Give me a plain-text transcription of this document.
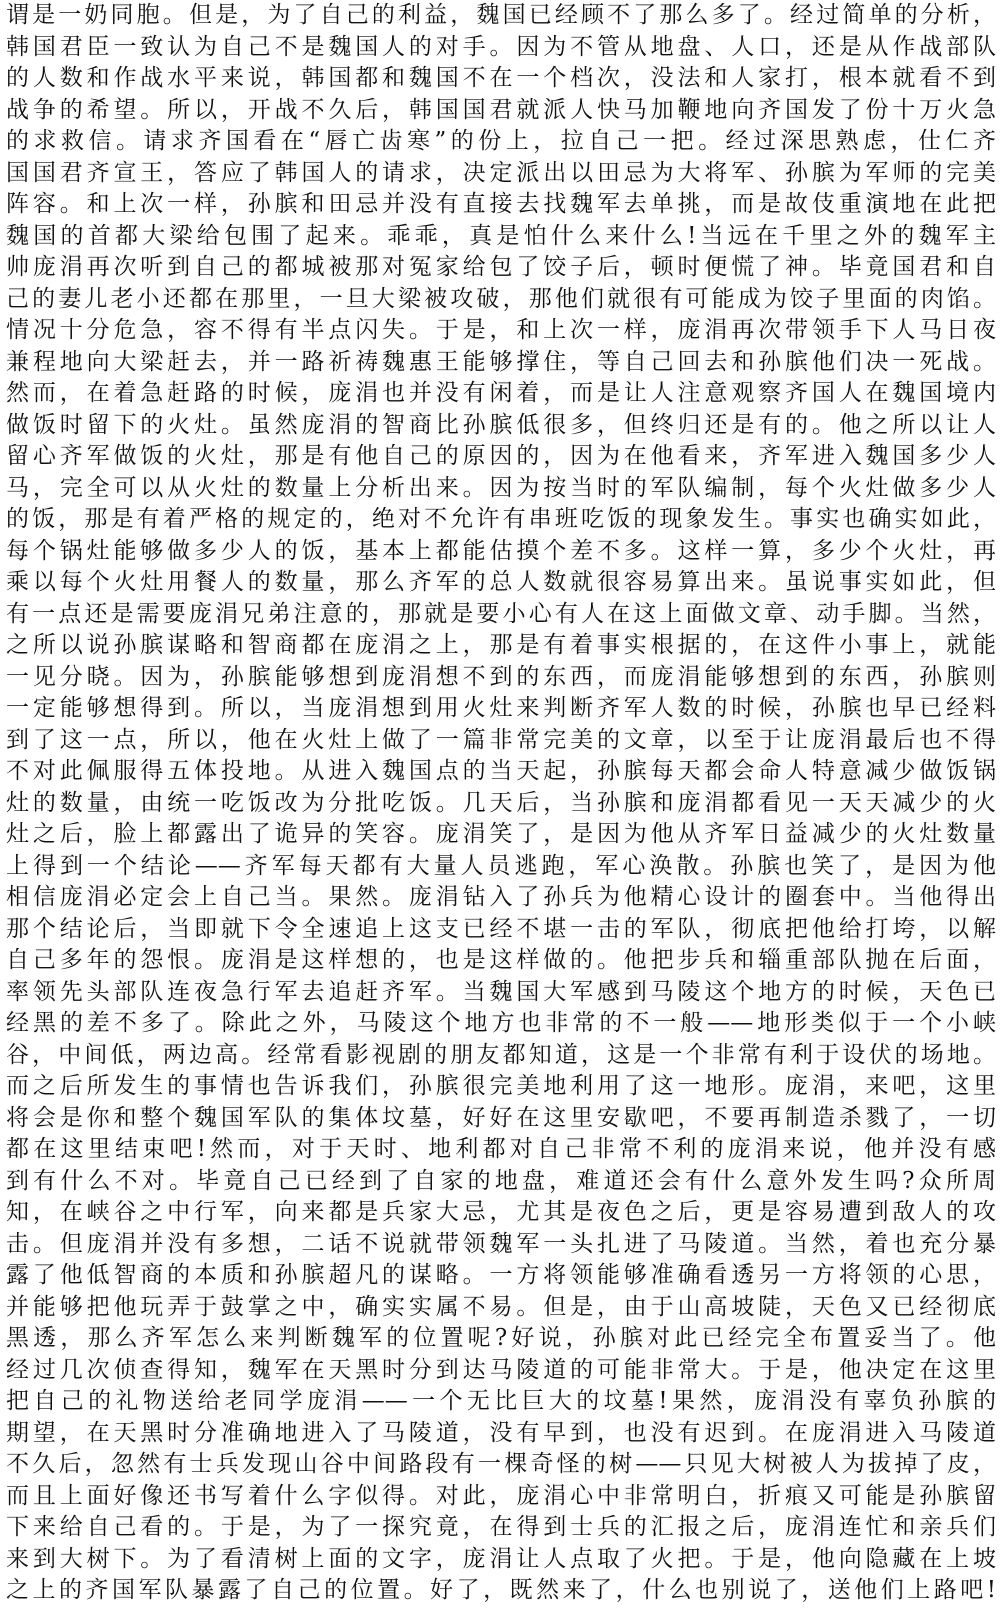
谓是一奶同胞。但是，为了自己的利益，魏国已经顾不了那么多了。经过简单的分析，
韩国君臣一致认为自己不是魏国人的对手。因为不管从地盘、人口，还是从作战部队
的人数和作战水平来说，韩国都和魏国不在一个档次，没法和人家打，根本就看不到
战争的希望。所以，开战不久后，韩国国君就派人快马加鞭地向齐国发了份十万火急
的求救信。请求齐国看在“唇亡齿寒”的份上，拉自己一把。经过深思熟虑，仕仁齐
国国君齐宣王，答应了韩国人的请求，决定派出以田忌为大将军、孙膑为军师的完美
阵容。和上次一样，孙膑和田忌并没有直接去找魏军去单挑，而是故伎重演地在此把
魏国的首都大梁给包围了起来。乖乖，真是怕什么来什么!当远在千里之外的魏军主
帅庞涓再次听到自己的都城被那对冤家给包了饺子后，顿时便慌了神。毕竟国君和自
己的妻儿老小还都在那里，一旦大梁被攻破，那他们就很有可能成为饺子里面的肉馅。
情况十分危急，容不得有半点闪失。于是，和上次一样，庞涓再次带领手下人马日夜
兼程地向大梁赶去，并一路祈祷魏惠王能够撑住，等自己回去和孙膑他们决一死战。
然而，在着急赶路的时候，庞涓也并没有闲着，而是让人注意观察齐国人在魏国境内
做饭时留下的火灶。虽然庞涓的智商比孙膑低很多，但终归还是有的。他之所以让人
留心齐军做饭的火灶，那是有他自己的原因的，因为在他看来，齐军进入魏国多少人
马，完全可以从火灶的数量上分析出来。因为按当时的军队编制，每个火灶做多少人
的饭，那是有着严格的规定的，绝对不允许有串班吃饭的现象发生。事实也确实如此，
每个锅灶能够做多少人的饭，基本上都能估摸个差不多。这样一算，多少个火灶，再
乘以每个火灶用餐人的数量，那么齐军的总人数就很容易算出来。虽说事实如此，但
有一点还是需要庞涓兄弟注意的，那就是要小心有人在这上面做文章、动手脚。当然，
之所以说孙膑谋略和智商都在庞涓之上，那是有着事实根据的，在这件小事上，就能
一见分晓。因为，孙膑能够想到庞涓想不到的东西，而庞涓能够想到的东西，孙膑则
一定能够想得到。所以，当庞涓想到用火灶来判断齐军人数的时候，孙膑也早已经料
到了这一点，所以，他在火灶上做了一篇非常完美的文章，以至于让庞涓最后也不得
不对此佩服得五体投地。从进入魏国点的当天起，孙膑每天都会命人特意减少做饭锅
灶的数量，由统一吃饭改为分批吃饭。几天后，当孙膑和庞涓都看见一天天减少的火
灶之后，脸上都露出了诡异的笑容。庞涓笑了，是因为他从齐军日益减少的火灶数量
上得到一个结论——齐军每天都有大量人员逃跑，军心涣散。孙膑也笑了，是因为他
相信庞涓必定会上自己当。果然。庞涓钻入了孙兵为他精心设计的圈套中。当他得出
那个结论后，当即就下令全速追上这支已经不堪一击的军队，彻底把他给打垮，以解
自己多年的怨恨。庞涓是这样想的，也是这样做的。他把步兵和辎重部队抛在后面，
率领先头部队连夜急行军去追赶齐军。当魏国大军感到马陵这个地方的时候，天色已
经黑的差不多了。除此之外，马陵这个地方也非常的不一般——地形类似于一个小峡
谷，中间低，两边高。经常看影视剧的朋友都知道，这是一个非常有利于设伏的场地。
而之后所发生的事情也告诉我们，孙膑很完美地利用了这一地形。庞涓，来吧，这里
将会是你和整个魏国军队的集体坟墓，好好在这里安歇吧，不要再制造杀戮了，一切
都在这里结束吧!然而，对于天时、地利都对自己非常不利的庞涓来说，他并没有感
到有什么不对。毕竟自己已经到了自家的地盘，难道还会有什么意外发生吗?众所周
知，在峡谷之中行军，向来都是兵家大忌，尤其是夜色之后，更是容易遭到敌人的攻
击。但庞涓并没有多想，二话不说就带领魏军一头扎进了马陵道。当然，着也充分暴
露了他低智商的本质和孙膑超凡的谋略。一方将领能够准确看透另一方将领的心思，
并能够把他玩弄于鼓掌之中，确实实属不易。但是，由于山高坡陡，天色又已经彻底
黑透，那么齐军怎么来判断魏军的位置呢?好说，孙膑对此已经完全布置妥当了。他
经过几次侦查得知，魏军在天黑时分到达马陵道的可能非常大。于是，他决定在这里
把自己的礼物送给老同学庞涓——一个无比巨大的坟墓!果然，庞涓没有辜负孙膑的
期望，在天黑时分准确地进入了马陵道，没有早到，也没有迟到。在庞涓进入马陵道
不久后，忽然有士兵发现山谷中间路段有一棵奇怪的树——只见大树被人为拔掉了皮，
而且上面好像还书写着什么字似得。对此，庞涓心中非常明白，折痕又可能是孙膑留
下来给自己看的。于是，为了一探究竟，在得到士兵的汇报之后，庞涓连忙和亲兵们
来到大树下。为了看清树上面的文字，庞涓让人点取了火把。于是，他向隐藏在上坡
之上的齐国军队暴露了自己的位置。好了，既然来了，什么也别说了，送他们上路吧!
